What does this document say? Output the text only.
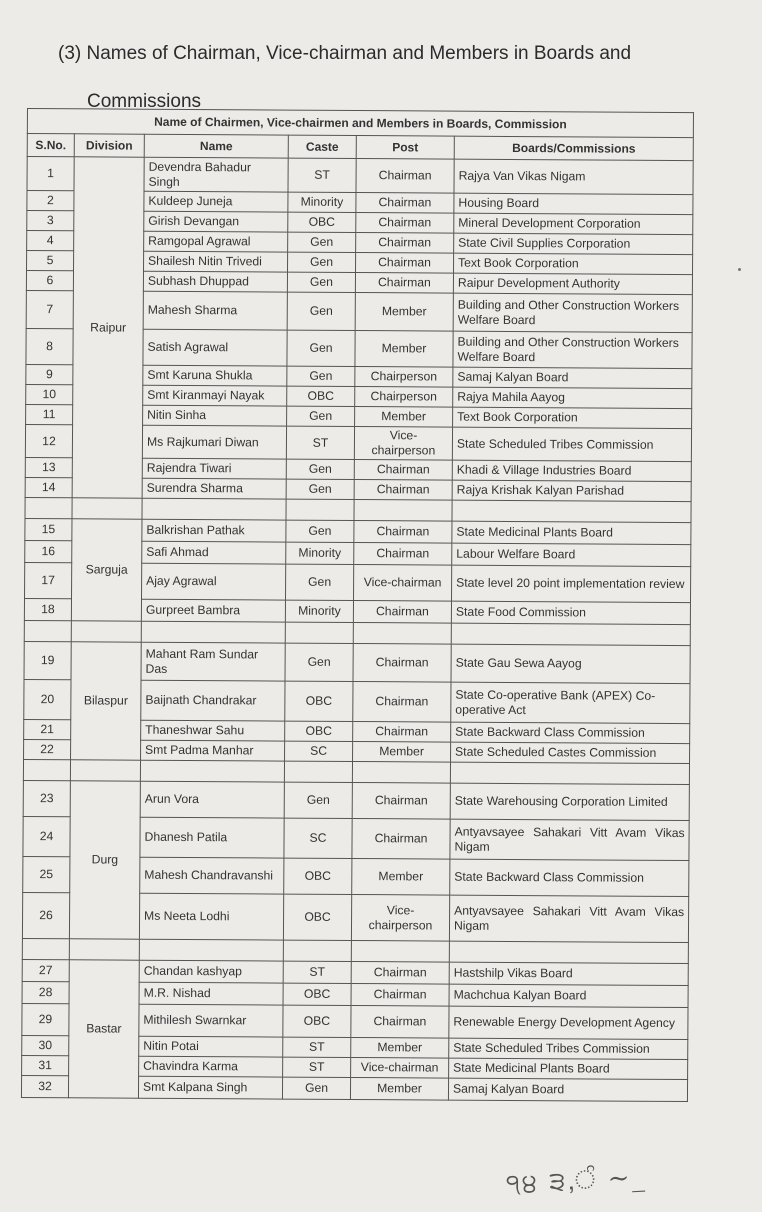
(3) Names of Chairman, Vice-chairman and Members in Boards and
Commissions
Name of Chairmen, Vice-chairmen and Members in Boards, Commission					
S.No.	Division	Name	Caste	Post	Boards/Commissions
1	Raipur	Devendra Bahadur Singh	ST	Chairman	Rajya Van Vikas Nigam
2		Kuldeep Juneja	Minority	Chairman	Housing Board
3		Girish Devangan	OBC	Chairman	Mineral Development Corporation
4		Ramgopal Agrawal	Gen	Chairman	State Civil Supplies Corporation
5		Shailesh Nitin Trivedi	Gen	Chairman	Text Book Corporation
6		Subhash Dhuppad	Gen	Chairman	Raipur Development Authority
7		Mahesh Sharma	Gen	Member	Building and Other Construction Workers Welfare Board
8		Satish Agrawal	Gen	Member	Building and Other Construction Workers Welfare Board
9		Smt Karuna Shukla	Gen	Chairperson	Samaj Kalyan Board
10		Smt Kiranmayi Nayak	OBC	Chairperson	Rajya Mahila Aayog
11		Nitin Sinha	Gen	Member	Text Book Corporation
12		Ms Rajkumari Diwan	ST	Vice-chairperson	State Scheduled Tribes Commission
13		Rajendra Tiwari	Gen	Chairman	Khadi & Village Industries Board
14		Surendra Sharma	Gen	Chairman	Rajya Krishak Kalyan Parishad

15	Sarguja	Balkrishan Pathak	Gen	Chairman	State Medicinal Plants Board
16		Safi Ahmad	Minority	Chairman	Labour Welfare Board
17		Ajay Agrawal	Gen	Vice-chairman	State level 20 point implementation review
18		Gurpreet Bambra	Minority	Chairman	State Food Commission

19	Bilaspur	Mahant Ram Sundar Das	Gen	Chairman	State Gau Sewa Aayog
20		Baijnath Chandrakar	OBC	Chairman	State Co-operative Bank (APEX) Co-operative Act
21		Thaneshwar Sahu	OBC	Chairman	State Backward Class Commission
22		Smt Padma Manhar	SC	Member	State Scheduled Castes Commission

23	Durg	Arun Vora	Gen	Chairman	State Warehousing Corporation Limited
24		Dhanesh Patila	SC	Chairman	Antyavsayee Sahakari Vitt Avam Vikas Nigam
25		Mahesh Chandravanshi	OBC	Member	State Backward Class Commission
26		Ms Neeta Lodhi	OBC	Vice-chairperson	Antyavsayee Sahakari Vitt Avam Vikas Nigam

27	Bastar	Chandan kashyap	ST	Chairman	Hastshilp Vikas Board
28		M.R. Nishad	OBC	Chairman	Machchua Kalyan Board
29		Mithilesh Swarnkar	OBC	Chairman	Renewable Energy Development Agency
30		Nitin Potai	ST	Member	State Scheduled Tribes Commission
31		Chavindra Karma	ST	Vice-chairman	State Medicinal Plants Board
32		Smt Kalpana Singh	Gen	Member	Samaj Kalyan Board
੧੪ ੩,ੰ ~_
